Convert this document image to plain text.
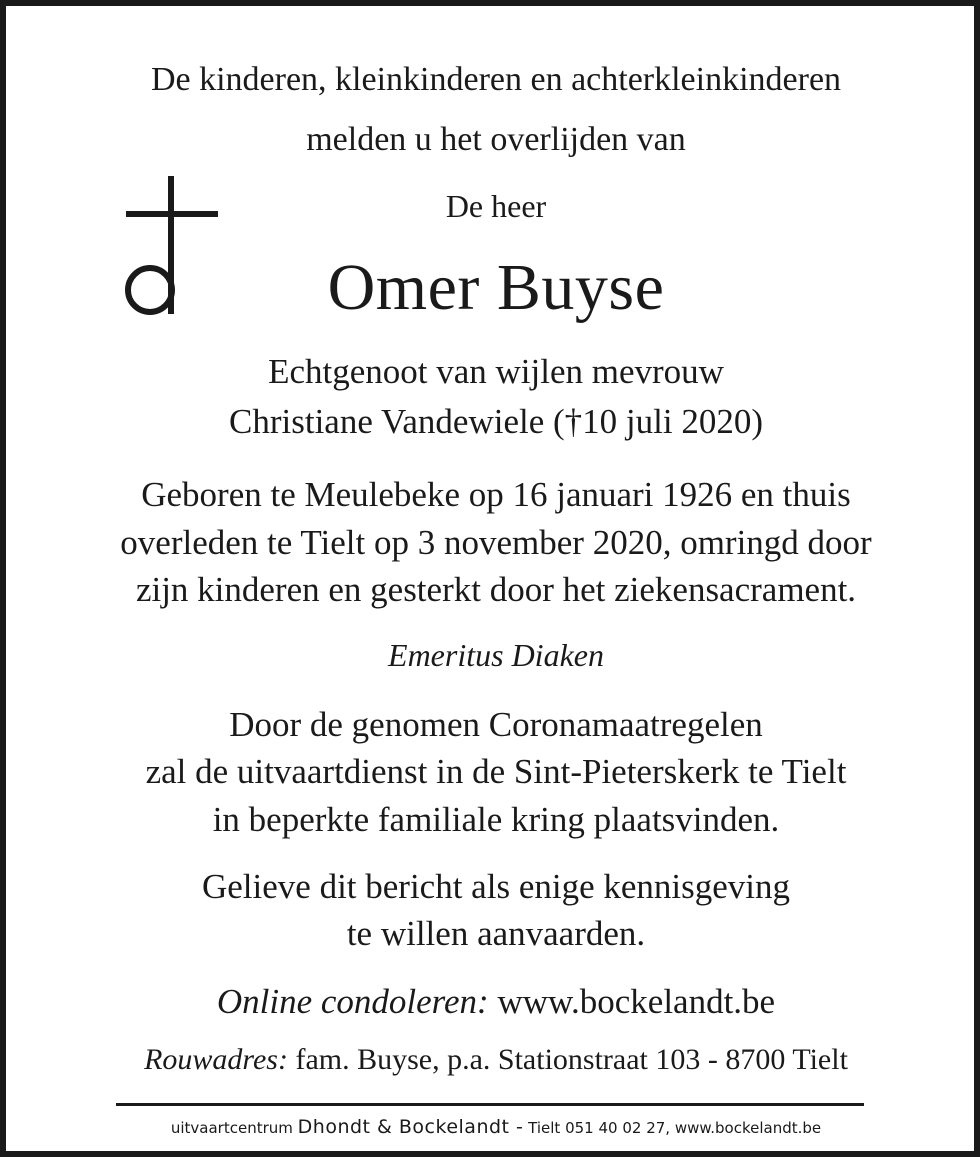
De kinderen, kleinkinderen en achterkleinkinderen
melden u het overlijden van
De heer
Omer Buyse
Echtgenoot van wijlen mevrouw
Christiane Vandewiele (†10 juli 2020)
Geboren te Meulebeke op 16 januari 1926 en thuis
overleden te Tielt op 3 november 2020, omringd door
zijn kinderen en gesterkt door het ziekensacrament.
Emeritus Diaken
Door de genomen Coronamaatregelen
zal de uitvaartdienst in de Sint-Pieterskerk te Tielt
in beperkte familiale kring plaatsvinden.
Gelieve dit bericht als enige kennisgeving
te willen aanvaarden.
Online condoleren: www.bockelandt.be
Rouwadres: fam. Buyse, p.a. Stationstraat 103 - 8700 Tielt
uitvaartcentrum Dhondt & Bockelandt - Tielt 051 40 02 27, www.bockelandt.be
